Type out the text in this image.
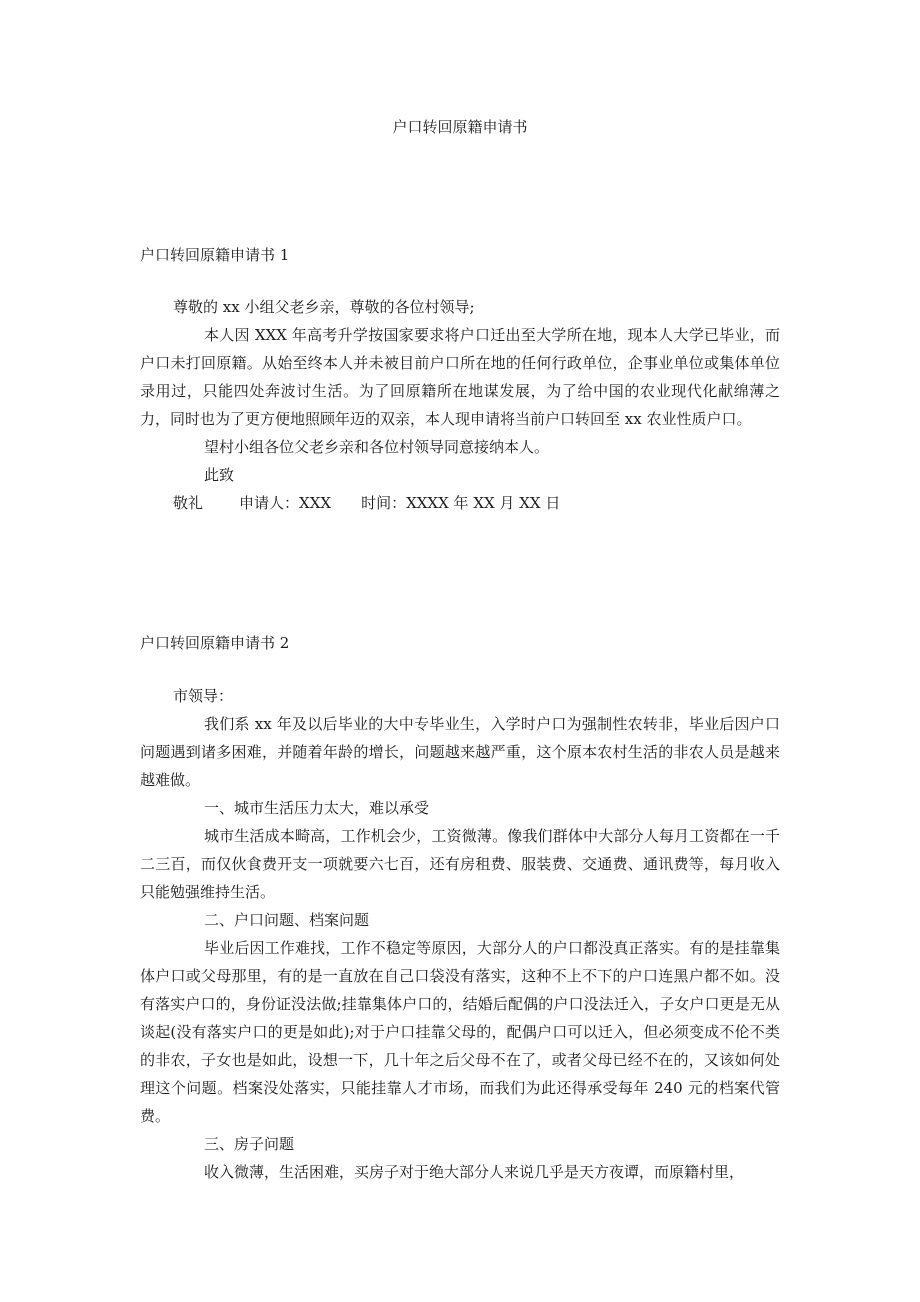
户口转回原籍申请书
户口转回原籍申请书 1

尊敬的 xx 小组父老乡亲，尊敬的各位村领导;

本人因 XXX 年高考升学按国家要求将户口迁出至大学所在地，现本人大学已毕业，而户口未打回原籍。从始至终本人并未被目前户口所在地的任何行政单位，企事业单位或集体单位录用过，只能四处奔波讨生活。为了回原籍所在地谋发展，为了给中国的农业现代化献绵薄之力，同时也为了更方便地照顾年迈的双亲，本人现申请将当前户口转回至 xx 农业性质户口。

望村小组各位父老乡亲和各位村领导同意接纳本人。

此致

敬礼 申请人：XXX 时间：XXXX 年 XX 月 XX 日

户口转回原籍申请书 2

市领导：

我们系 xx 年及以后毕业的大中专毕业生，入学时户口为强制性农转非，毕业后因户口问题遇到诸多困难，并随着年龄的增长，问题越来越严重，这个原本农村生活的非农人员是越来越难做。

一、城市生活压力太大，难以承受

城市生活成本畸高，工作机会少，工资微薄。像我们群体中大部分人每月工资都在一千二三百，而仅伙食费开支一项就要六七百，还有房租费、服装费、交通费、通讯费等，每月收入只能勉强维持生活。

二、户口问题、档案问题

毕业后因工作难找，工作不稳定等原因，大部分人的户口都没真正落实。有的是挂靠集体户口或父母那里，有的是一直放在自己口袋没有落实，这种不上不下的户口连黑户都不如。没有落实户口的，身份证没法做;挂靠集体户口的，结婚后配偶的户口没法迁入，子女户口更是无从谈起(没有落实户口的更是如此);对于户口挂靠父母的，配偶户口可以迁入，但必须变成不伦不类的非农，子女也是如此，设想一下，几十年之后父母不在了，或者父母已经不在的，又该如何处理这个问题。档案没处落实，只能挂靠人才市场，而我们为此还得承受每年 240 元的档案代管费。

三、房子问题

收入微薄，生活困难，买房子对于绝大部分人来说几乎是天方夜谭，而原籍村里，
